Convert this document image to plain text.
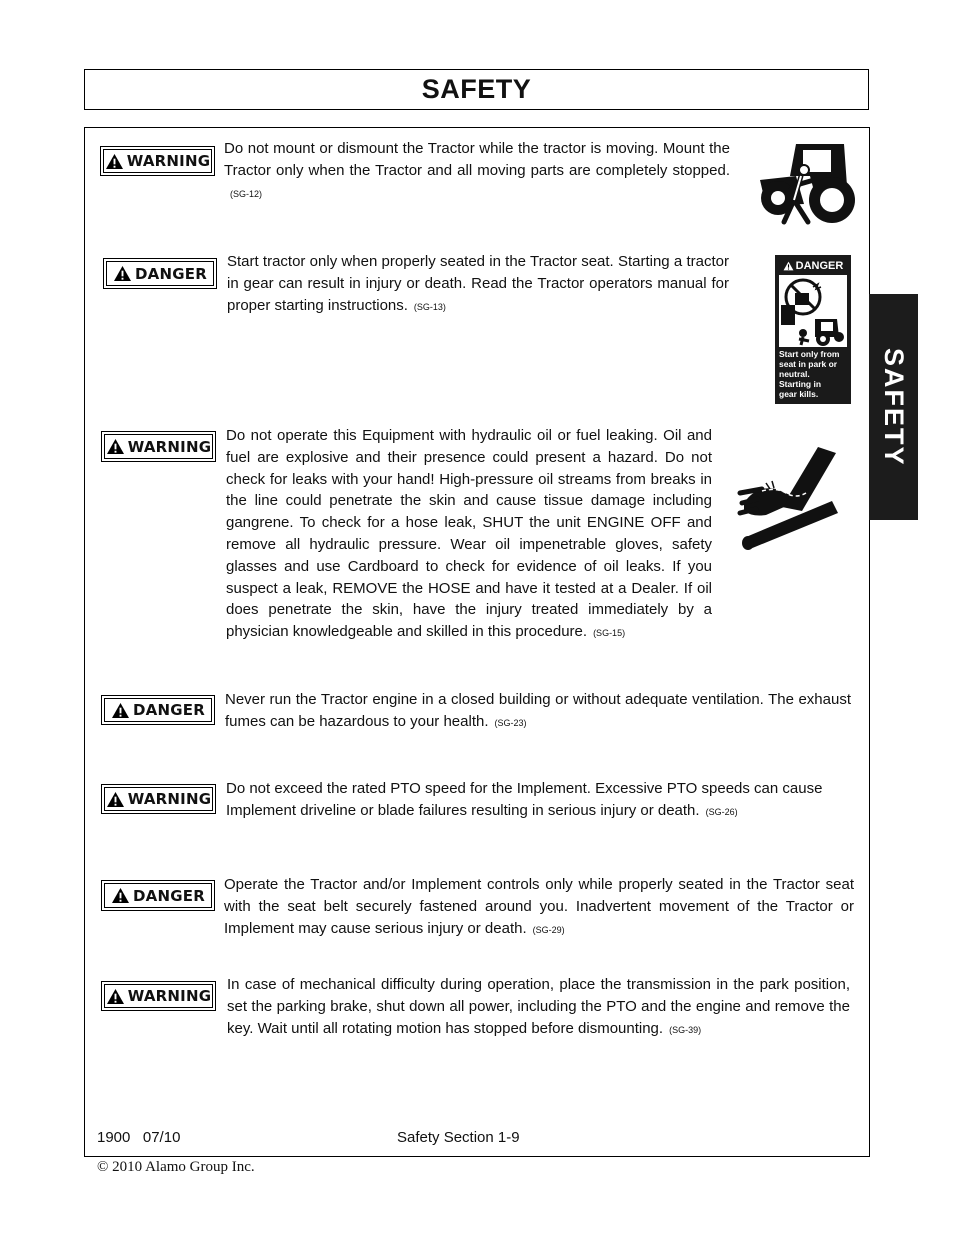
SAFETY
SAFETY
WARNING

Do not mount or dismount the Tractor while the tractor is moving. Mount the Tractor only when the Tractor and all moving parts are completely stopped.(SG-12)

DANGER

Start tractor only when properly seated in the Tractor seat. Starting a tractor in gear can result in injury or death. Read the Tractor operators manual for proper starting instructions. (SG-13)

DANGER
Start only from
seat in park or
neutral.
Starting in
gear kills.
WARNING

Do not operate this Equipment with hydraulic oil or fuel leaking. Oil and fuel are explosive and their presence could present a hazard. Do not check for leaks with your hand! High-pressure oil streams from breaks in the line could penetrate the skin and cause tissue damage including gangrene. To check for a hose leak, SHUT the unit ENGINE OFF and remove all hydraulic pressure. Wear oil impenetrable gloves, safety glasses and use Cardboard to check for evidence of oil leaks. If you suspect a leak, REMOVE the HOSE and have it tested at a Dealer. If oil does penetrate the skin, have the injury treated immediately by a physician knowledgeable and skilled in this procedure. (SG-15)

DANGER

Never run the Tractor engine in a closed building or without adequate ventilation. The exhaust fumes can be hazardous to your health. (SG-23)

WARNING

Do not exceed the rated PTO speed for the Implement. Excessive PTO speeds can cause Implement driveline or blade failures resulting in serious injury or death. (SG-26)

DANGER

Operate the Tractor and/or Implement controls only while properly seated in the Tractor seat with the seat belt securely fastened around you. Inadvertent movement of the Tractor or Implement may cause serious injury or death. (SG-29)

WARNING

In case of mechanical difficulty during operation, place the transmission in the park position, set the parking brake, shut down all power, including the PTO and the engine and remove the key. Wait until all rotating motion has stopped before dismounting. (SG-39)

1900   07/10	Safety Section 1-9
© 2010 Alamo Group Inc.
